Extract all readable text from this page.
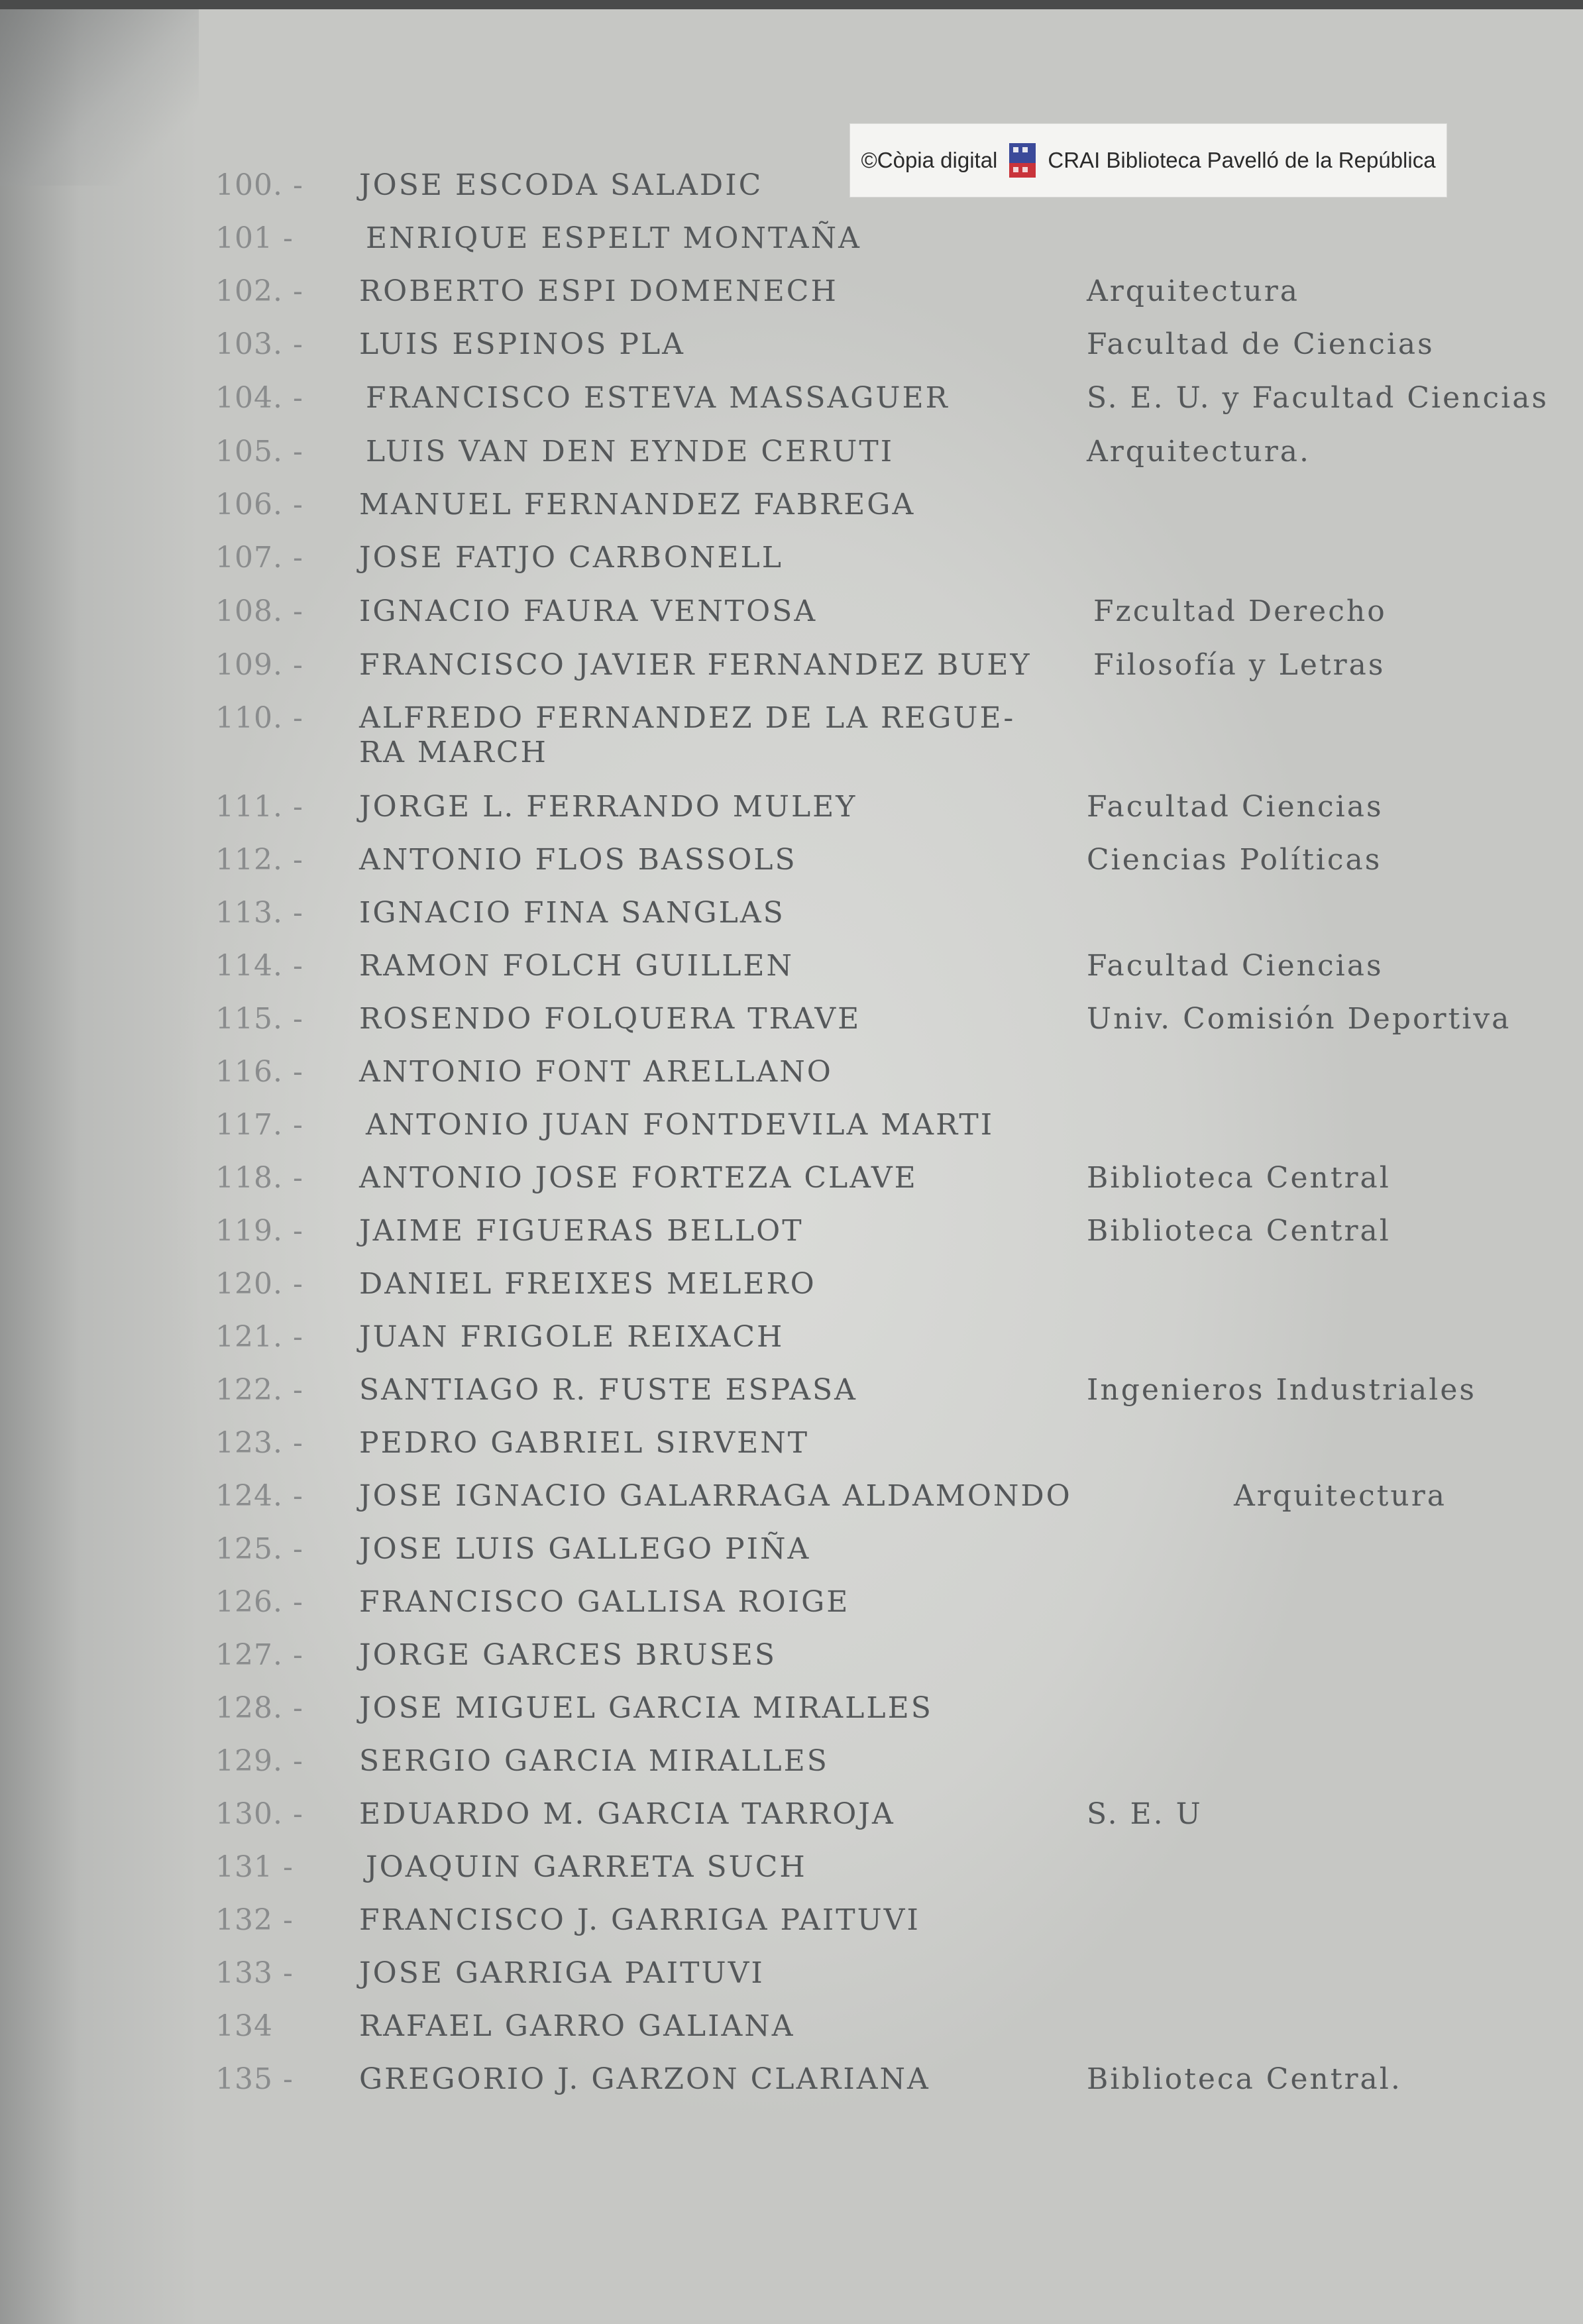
©Còpia digital CRAI Biblioteca Pavelló de la República
100. -	JOSE ESCODA SALADIC
101 -	ENRIQUE ESPELT MONTAÑA
102. -	ROBERTO ESPI DOMENECH	Arquitectura
103. -	LUIS ESPINOS PLA	Facultad de Ciencias
104. -	FRANCISCO ESTEVA MASSAGUER	S. E. U. y Facultad Ciencias
105. -	LUIS VAN DEN EYNDE CERUTI	Arquitectura.
106. -	MANUEL FERNANDEZ FABREGA
107. -	JOSE FATJO CARBONELL
108. -	IGNACIO FAURA VENTOSA	Fzcultad Derecho
109. -	FRANCISCO JAVIER FERNANDEZ BUEY	Filosofía y Letras
110. -	ALFREDO FERNANDEZ DE LA REGUE-
RA MARCH
111. -	JORGE L. FERRANDO MULEY	Facultad Ciencias
112. -	ANTONIO FLOS BASSOLS	Ciencias Políticas
113. -	IGNACIO FINA SANGLAS
114. -	RAMON FOLCH GUILLEN	Facultad Ciencias
115. -	ROSENDO FOLQUERA TRAVE	Univ. Comisión Deportiva
116. -	ANTONIO FONT ARELLANO
117. -	ANTONIO JUAN FONTDEVILA MARTI
118. -	ANTONIO JOSE FORTEZA CLAVE	Biblioteca Central
119. -	JAIME FIGUERAS BELLOT	Biblioteca Central
120. -	DANIEL FREIXES MELERO
121. -	JUAN FRIGOLE REIXACH
122. -	SANTIAGO R. FUSTE ESPASA	Ingenieros Industriales
123. -	PEDRO GABRIEL SIRVENT
124. -	JOSE IGNACIO GALARRAGA ALDAMONDO	Arquitectura
125. -	JOSE LUIS GALLEGO PIÑA
126. -	FRANCISCO GALLISA ROIGE
127. -	JORGE GARCES BRUSES
128. -	JOSE MIGUEL GARCIA MIRALLES
129. -	SERGIO GARCIA MIRALLES
130. -	EDUARDO M. GARCIA TARROJA	S. E. U
131 -	JOAQUIN GARRETA SUCH
132 -	FRANCISCO J. GARRIGA PAITUVI
133 -	JOSE GARRIGA PAITUVI
134	RAFAEL GARRO GALIANA
135 -	GREGORIO J. GARZON CLARIANA	Biblioteca Central.
